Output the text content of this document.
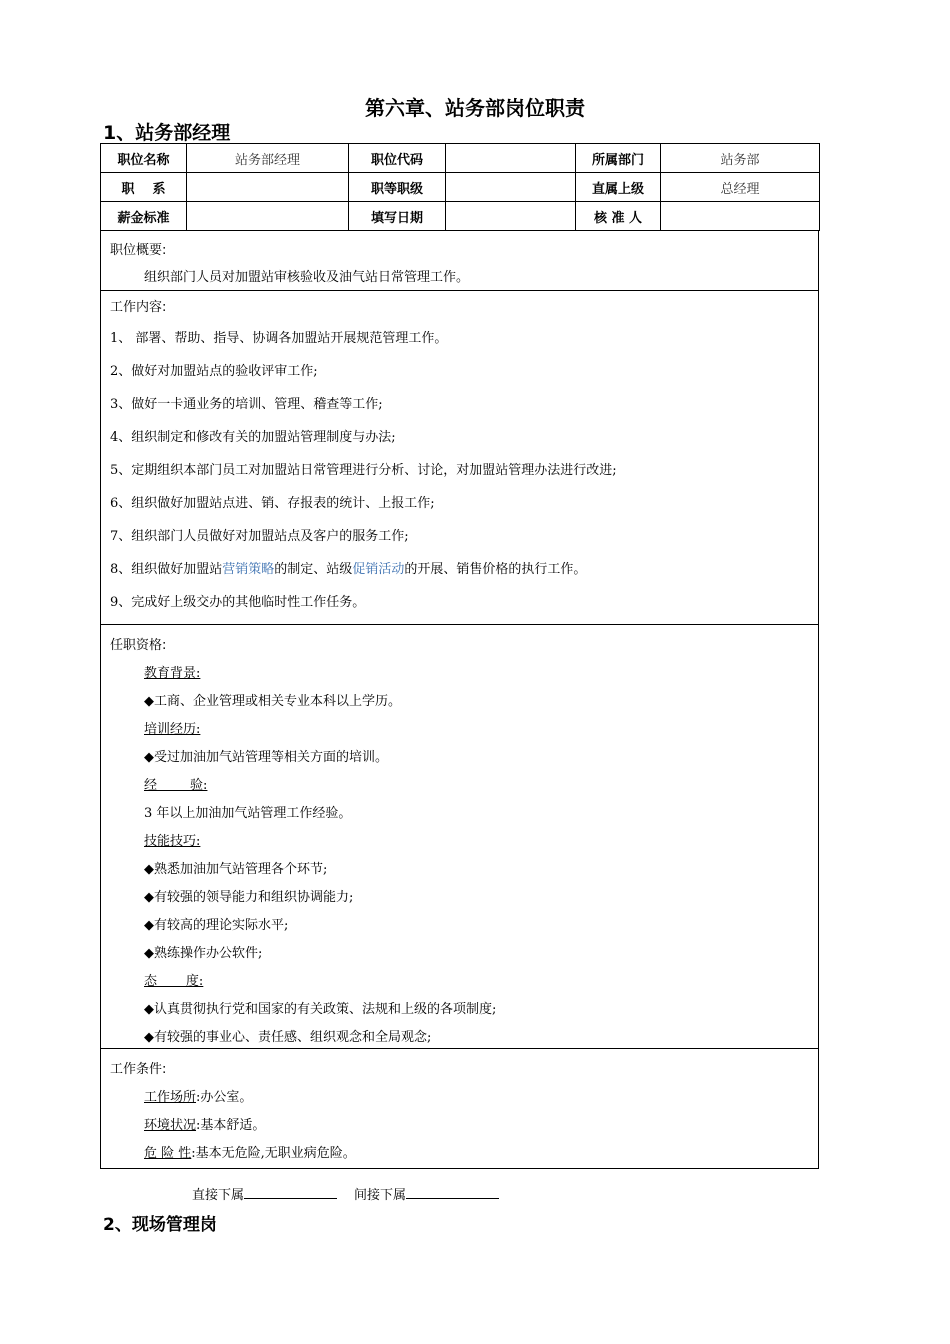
第六章、站务部岗位职责
1、站务部经理
职位名称	站务部经理	职位代码		所属部门	站务部
职    系		职等职级		直属上级	总经理
薪金标准		填写日期		核 准 人	
职位概要:
组织部门人员对加盟站审核验收及油气站日常管理工作。
工作内容:
1、 部署、帮助、指导、协调各加盟站开展规范管理工作。
2、做好对加盟站点的验收评审工作;
3、做好一卡通业务的培训、管理、稽查等工作;
4、组织制定和修改有关的加盟站管理制度与办法;
5、定期组织本部门员工对加盟站日常管理进行分析、讨论，对加盟站管理办法进行改进;
6、组织做好加盟站点进、销、存报表的统计、上报工作;
7、组织部门人员做好对加盟站点及客户的服务工作;
8、组织做好加盟站营销策略的制定、站级促销活动的开展、销售价格的执行工作。
9、完成好上级交办的其他临时性工作任务。
任职资格:
教育背景:
◆工商、企业管理或相关专业本科以上学历。
培训经历:
◆受过加油加气站管理等相关方面的培训。
经        验:
3 年以上加油加气站管理工作经验。
技能技巧:
◆熟悉加油加气站管理各个环节;
◆有较强的领导能力和组织协调能力;
◆有较高的理论实际水平;
◆熟练操作办公软件;
态       度:
◆认真贯彻执行党和国家的有关政策、法规和上级的各项制度;
◆有较强的事业心、责任感、组织观念和全局观念;
工作条件:
工作场所:办公室。
环境状况:基本舒适。
危 险 性:基本无危险,无职业病危险。
直接下属	间接下属
2、现场管理岗
